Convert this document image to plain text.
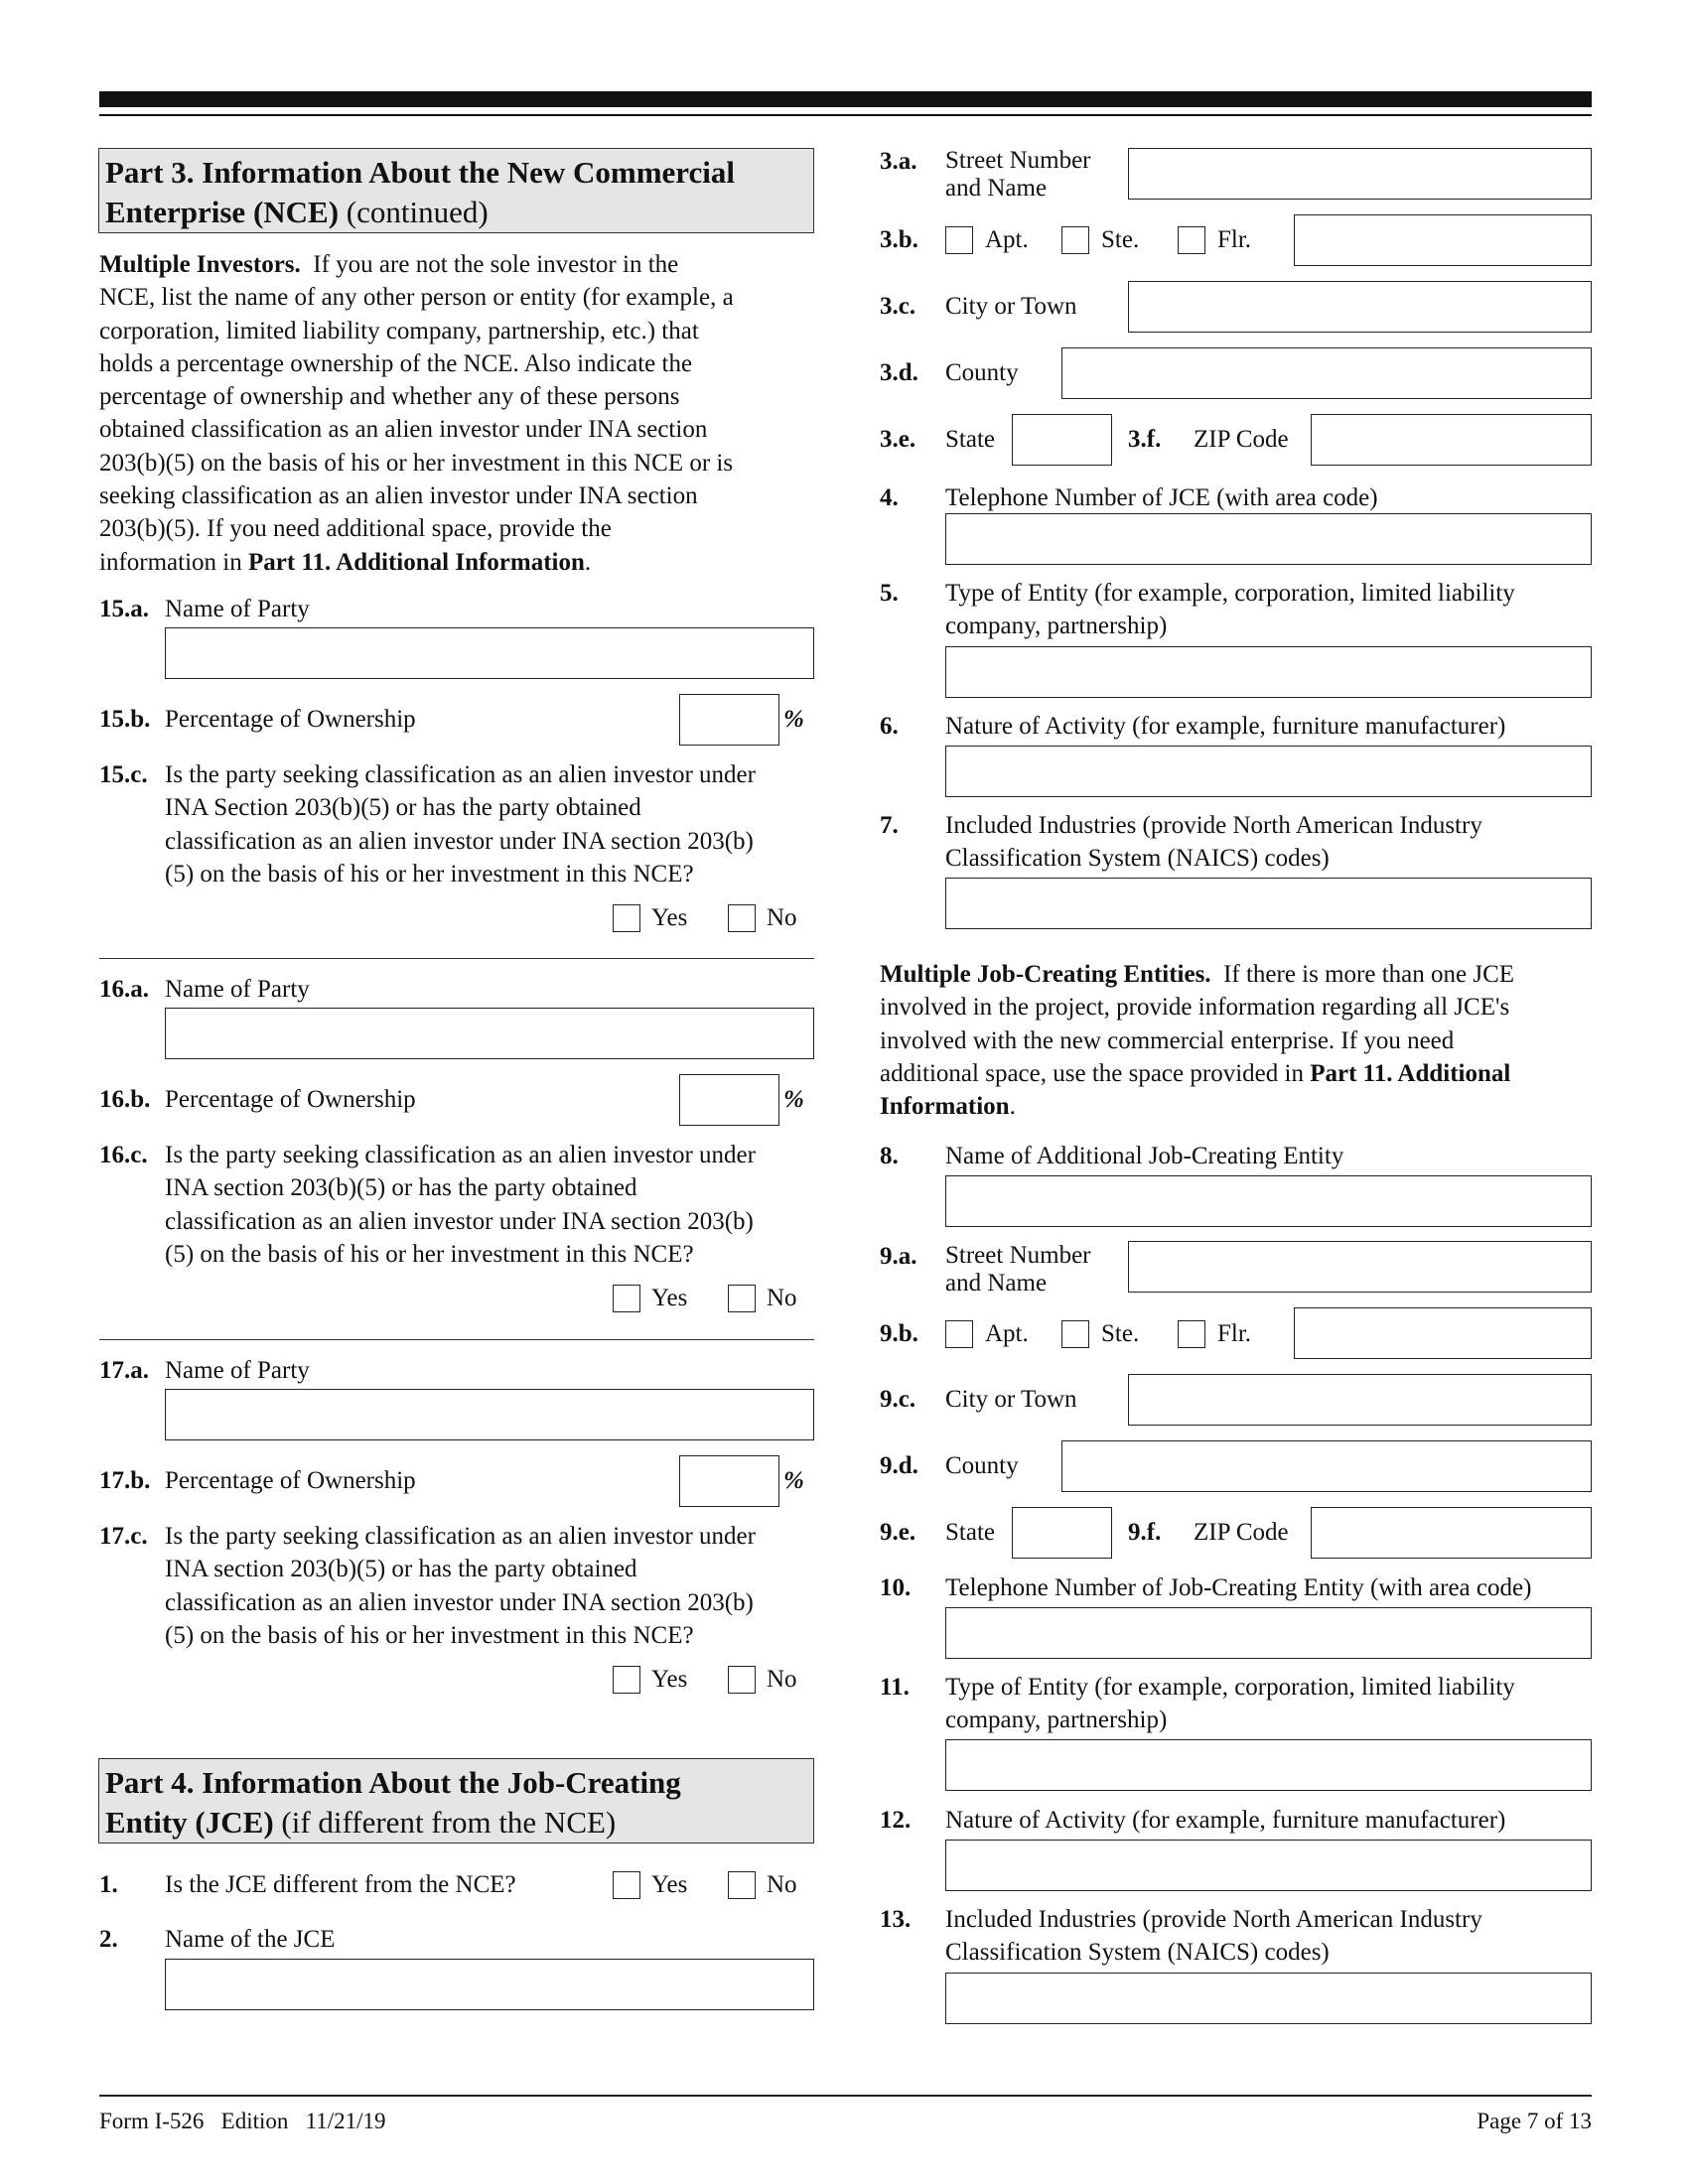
Part 3. Information About the New Commercial
Enterprise (NCE) (continued)
Multiple Investors. If you are not the sole investor in the
NCE, list the name of any other person or entity (for example, a
corporation, limited liability company, partnership, etc.) that
holds a percentage ownership of the NCE. Also indicate the
percentage of ownership and whether any of these persons
obtained classification as an alien investor under INA section
203(b)(5) on the basis of his or her investment in this NCE or is
seeking classification as an alien investor under INA section
203(b)(5). If you need additional space, provide the
information in Part 11. Additional Information.
15.a. Name of Party
15.b. Percentage of Ownership	%
15.c. Is the party seeking classification as an alien investor under
INA Section 203(b)(5) or has the party obtained
classification as an alien investor under INA section 203(b)
(5) on the basis of his or her investment in this NCE?
Yes	No
16.a. Name of Party
16.b. Percentage of Ownership	%
16.c. Is the party seeking classification as an alien investor under
INA section 203(b)(5) or has the party obtained
classification as an alien investor under INA section 203(b)
(5) on the basis of his or her investment in this NCE?
Yes	No
17.a. Name of Party
17.b. Percentage of Ownership	%
17.c. Is the party seeking classification as an alien investor under
INA section 203(b)(5) or has the party obtained
classification as an alien investor under INA section 203(b)
(5) on the basis of his or her investment in this NCE?
Yes	No
Part 4. Information About the Job-Creating
Entity (JCE) (if different from the NCE)
1. Is the JCE different from the NCE?	Yes	No
2. Name of the JCE
3.a. Street Number
and Name
3.b.	Apt.	Ste.	Flr.
3.c. City or Town
3.d. County
3.e. State	3.f. ZIP Code
4. Telephone Number of JCE (with area code)
5. Type of Entity (for example, corporation, limited liability
company, partnership)
6. Nature of Activity (for example, furniture manufacturer)
7. Included Industries (provide North American Industry
Classification System (NAICS) codes)
Multiple Job-Creating Entities. If there is more than one JCE
involved in the project, provide information regarding all JCE's
involved with the new commercial enterprise. If you need
additional space, use the space provided in Part 11. Additional
Information.
8. Name of Additional Job-Creating Entity
9.a. Street Number
and Name
9.b.	Apt.	Ste.	Flr.
9.c. City or Town
9.d. County
9.e. State	9.f. ZIP Code
10. Telephone Number of Job-Creating Entity (with area code)
11. Type of Entity (for example, corporation, limited liability
company, partnership)
12. Nature of Activity (for example, furniture manufacturer)
13. Included Industries (provide North American Industry
Classification System (NAICS) codes)
Form I-526   Edition   11/21/19	Page 7 of 13
